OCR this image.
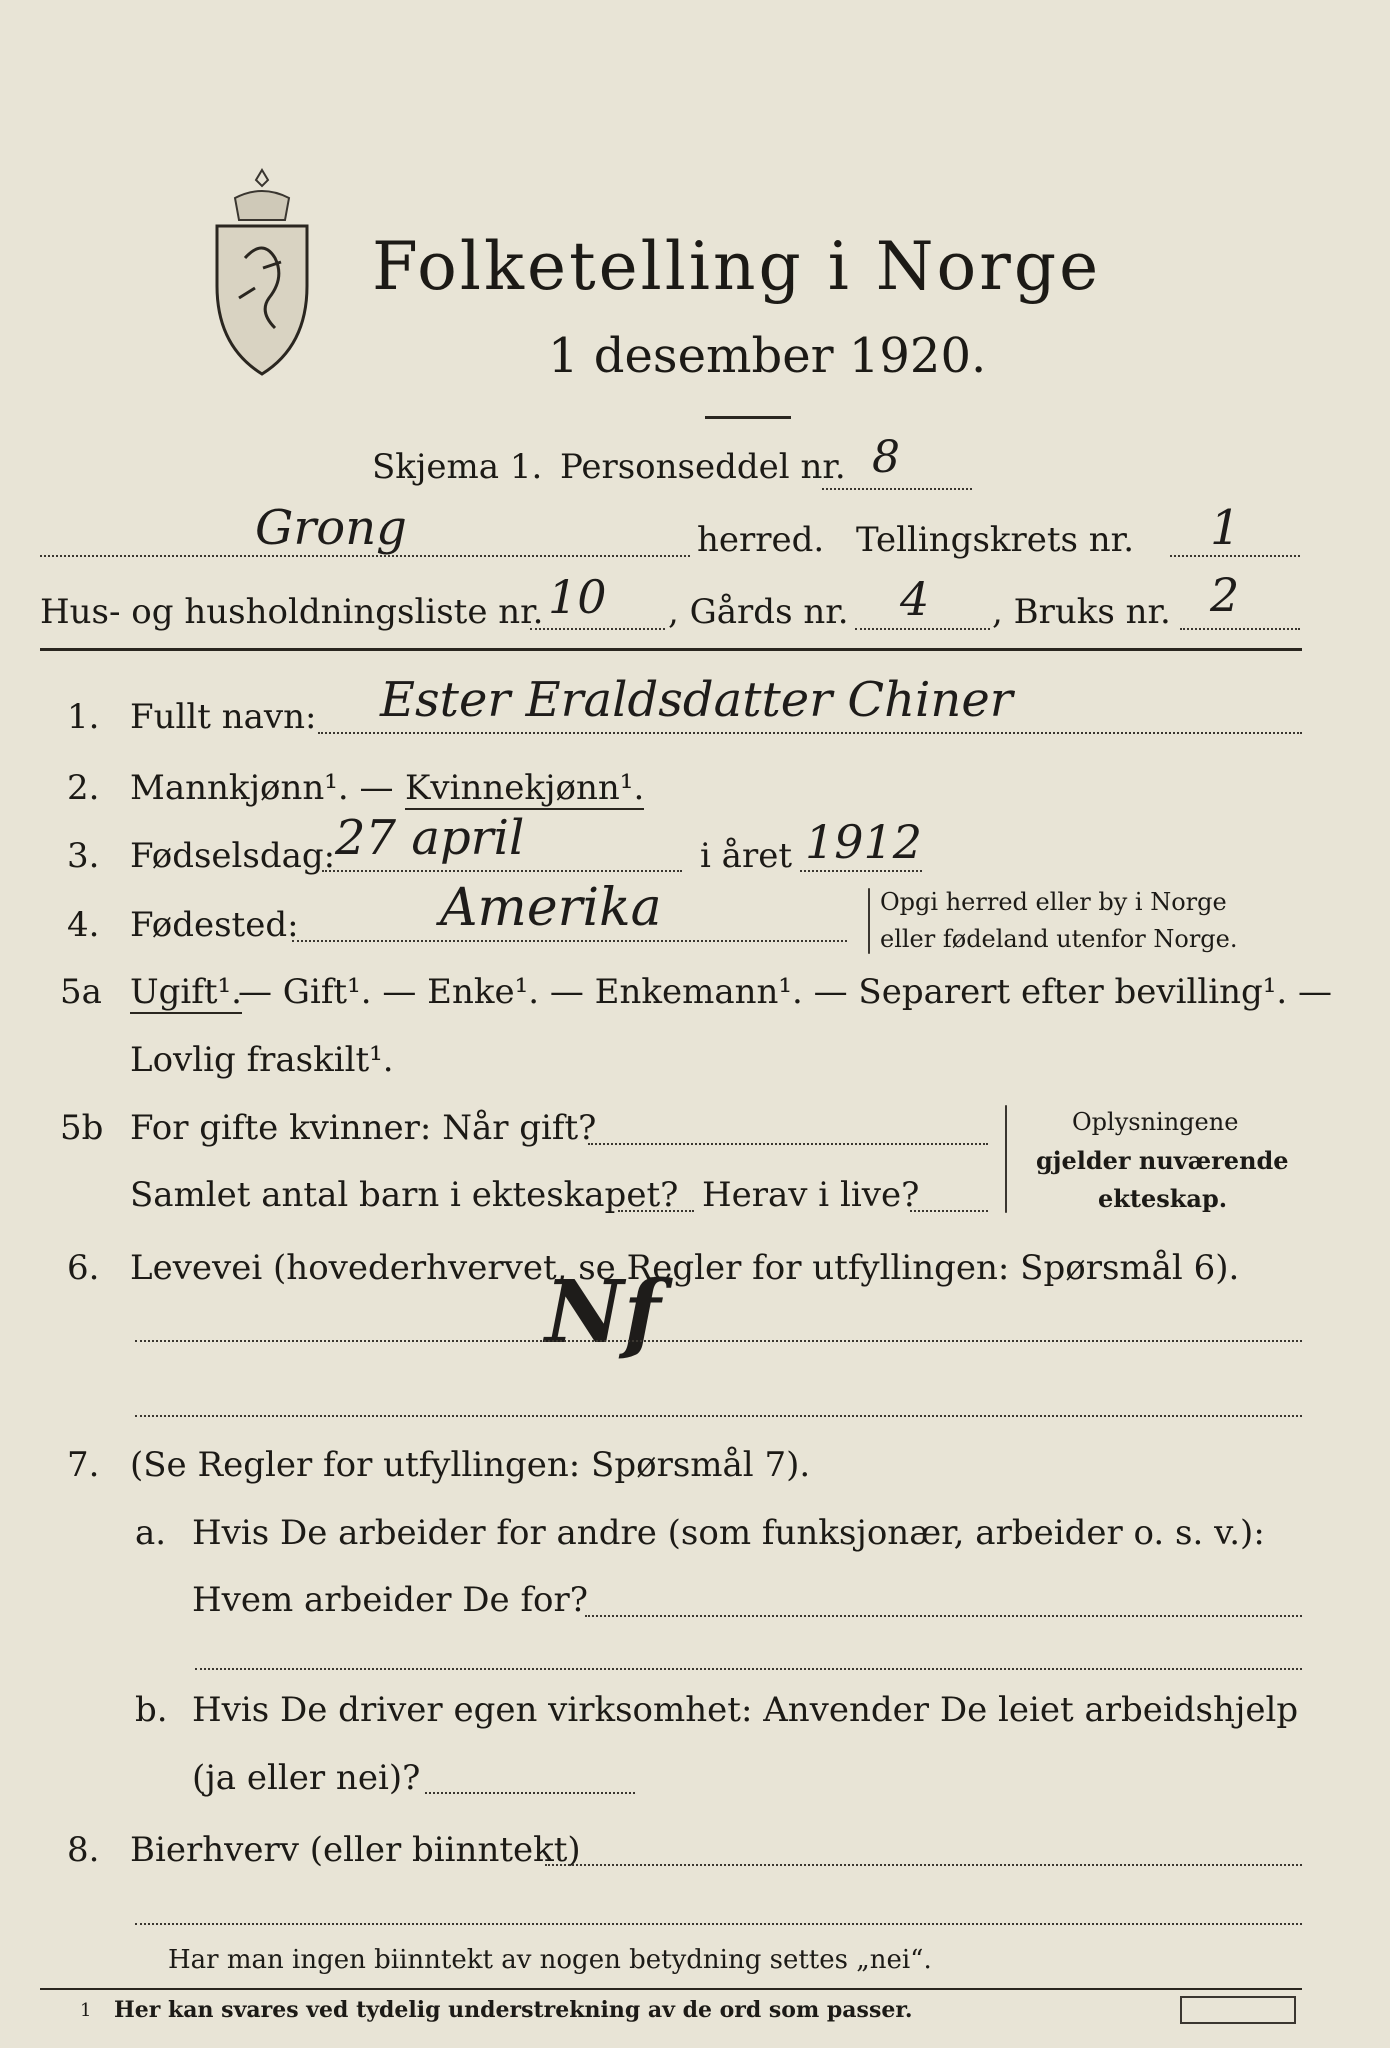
Folketelling i Norge
1 desember 1920.
Skjema 1. Personseddel nr. 8
Grong	herred. Tellingskrets nr. 1
Hus- og husholdningsliste nr. 10 , Gårds nr. 4 , Bruks nr. 2
1. Fullt navn: Ester Eraldsdatter Chiner
2. Mannkjønn¹. — Kvinnekjønn¹.
3. Fødselsdag: 27 april	i året 1912
4. Fødested:	Amerika	Opgi herred eller by i Norge
eller fødeland utenfor Norge.
5a Ugift¹.
— Gift¹. — Enke¹. — Enkemann¹. — Separert efter bevilling¹. —
Lovlig fraskilt¹.
5b For gifte kvinner: Når gift?
Samlet antal barn i ekteskapet? Herav i live?
Oplysningene
gjelder nuværende
ekteskap.
6. Levevei (hovederhvervet, se Regler for utfyllingen: Spørsmål 6).
Nf
7. (Se Regler for utfyllingen: Spørsmål 7).
a. Hvis De arbeider for andre (som funksjonær, arbeider o. s. v.):
Hvem arbeider De for?
b. Hvis De driver egen virksomhet: Anvender De leiet arbeidshjelp
(ja eller nei)?
8. Bierhverv (eller biinntekt)
Har man ingen biinntekt av nogen betydning settes „nei“.
1 Her kan svares ved tydelig understrekning av de ord som passer.
